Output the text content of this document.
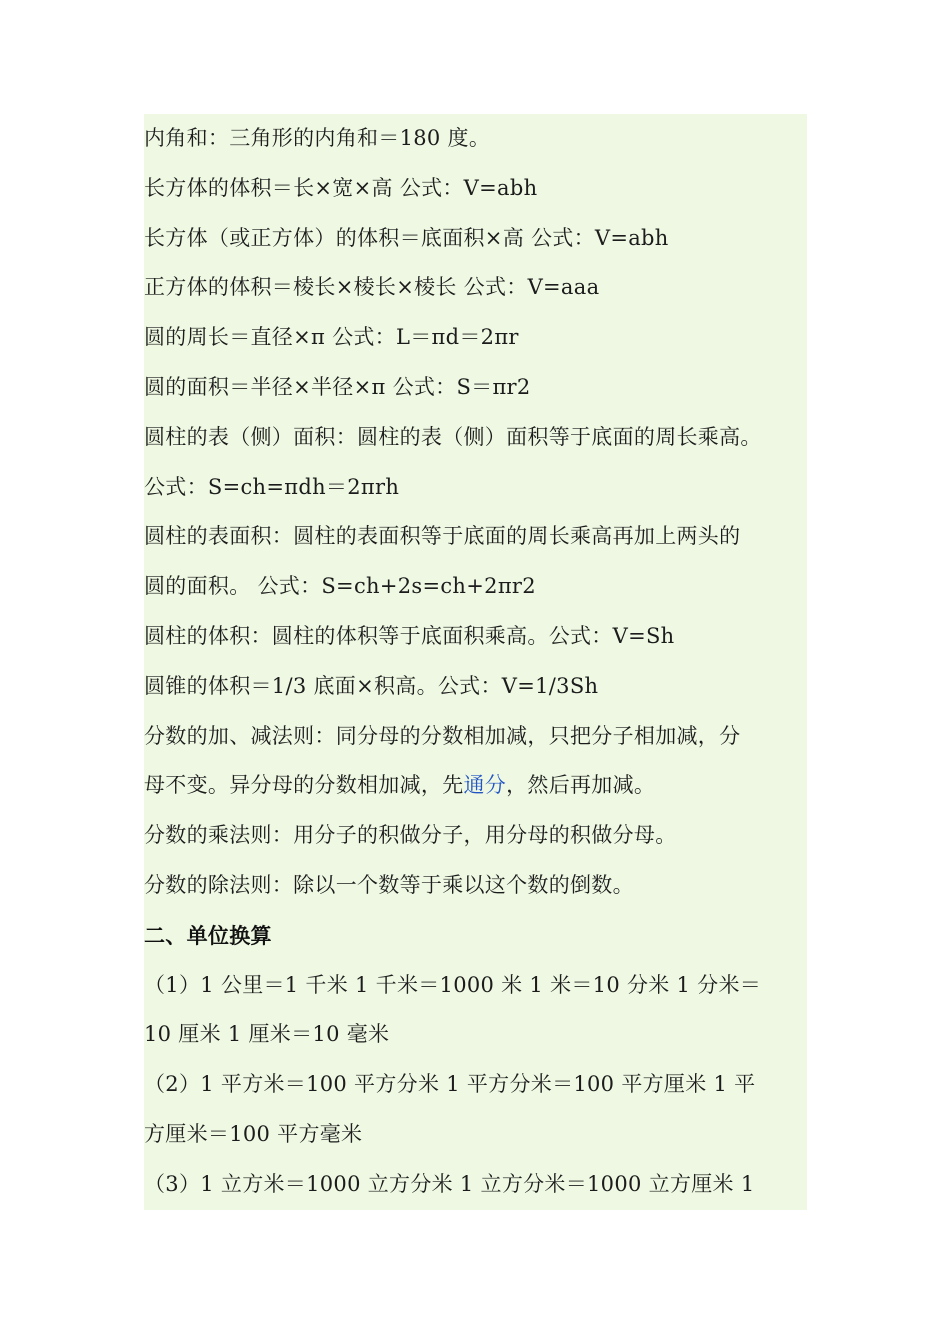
内角和：三角形的内角和＝180 度。
长方体的体积＝长×宽×高 公式：V=abh
长方体（或正方体）的体积＝底面积×高 公式：V=abh
正方体的体积＝棱长×棱长×棱长 公式：V=aaa
圆的周长＝直径×π 公式：L＝πd＝2πr
圆的面积＝半径×半径×π 公式：S＝πr2
圆柱的表（侧）面积：圆柱的表（侧）面积等于底面的周长乘高。
公式：S=ch=πdh＝2πrh
圆柱的表面积：圆柱的表面积等于底面的周长乘高再加上两头的
圆的面积。 公式：S=ch+2s=ch+2πr2
圆柱的体积：圆柱的体积等于底面积乘高。公式：V=Sh
圆锥的体积＝1/3 底面×积高。公式：V=1/3Sh
分数的加、减法则：同分母的分数相加减，只把分子相加减，分
母不变。异分母的分数相加减，先通分，然后再加减。
分数的乘法则：用分子的积做分子，用分母的积做分母。
分数的除法则：除以一个数等于乘以这个数的倒数。
二、单位换算
（1）1 公里＝1 千米 1 千米＝1000 米 1 米＝10 分米 1 分米＝
10 厘米 1 厘米＝10 毫米
（2）1 平方米＝100 平方分米 1 平方分米＝100 平方厘米 1 平
方厘米＝100 平方毫米
（3）1 立方米＝1000 立方分米 1 立方分米＝1000 立方厘米 1
